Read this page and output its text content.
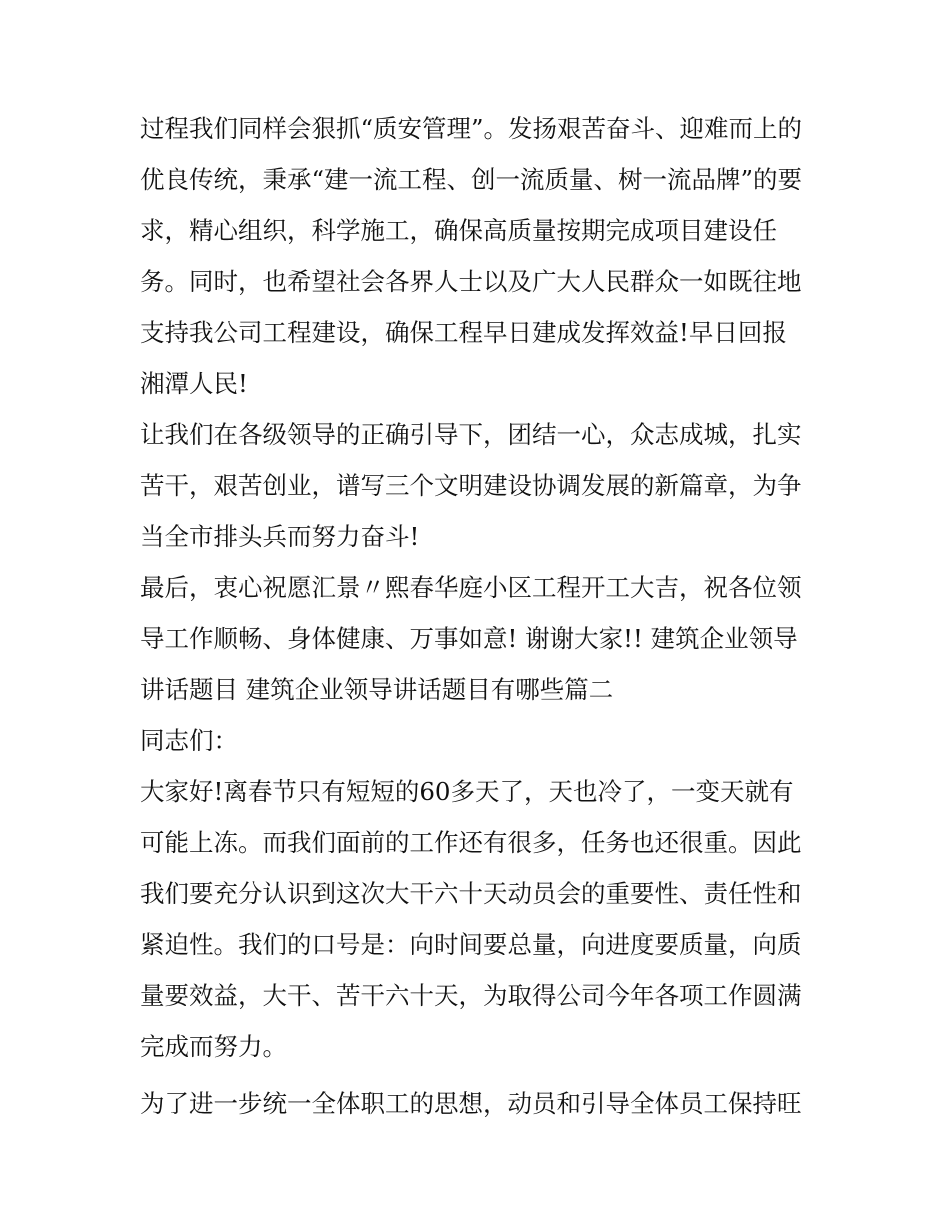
过程我们同样会狠抓“质安管理”。发扬艰苦奋斗、迎难而上的

优良传统，秉承“建一流工程、创一流质量、树一流品牌”的要

求，精心组织，科学施工，确保高质量按期完成项目建设任

务。同时，也希望社会各界人士以及广大人民群众一如既往地

支持我公司工程建设，确保工程早日建成发挥效益!早日回报

湘潭人民!

让我们在各级领导的正确引导下，团结一心，众志成城，扎实

苦干，艰苦创业，谱写三个文明建设协调发展的新篇章，为争

当全市排头兵而努力奋斗!

最后，衷心祝愿汇景〃熙春华庭小区工程开工大吉，祝各位领

导工作顺畅、身体健康、万事如意! 谢谢大家!! 建筑企业领导

讲话题目 建筑企业领导讲话题目有哪些篇二

同志们：

大家好!离春节只有短短的60多天了，天也冷了，一变天就有

可能上冻。而我们面前的工作还有很多，任务也还很重。因此

我们要充分认识到这次大干六十天动员会的重要性、责任性和

紧迫性。我们的口号是：向时间要总量，向进度要质量，向质

量要效益，大干、苦干六十天，为取得公司今年各项工作圆满

完成而努力。

为了进一步统一全体职工的思想，动员和引导全体员工保持旺
